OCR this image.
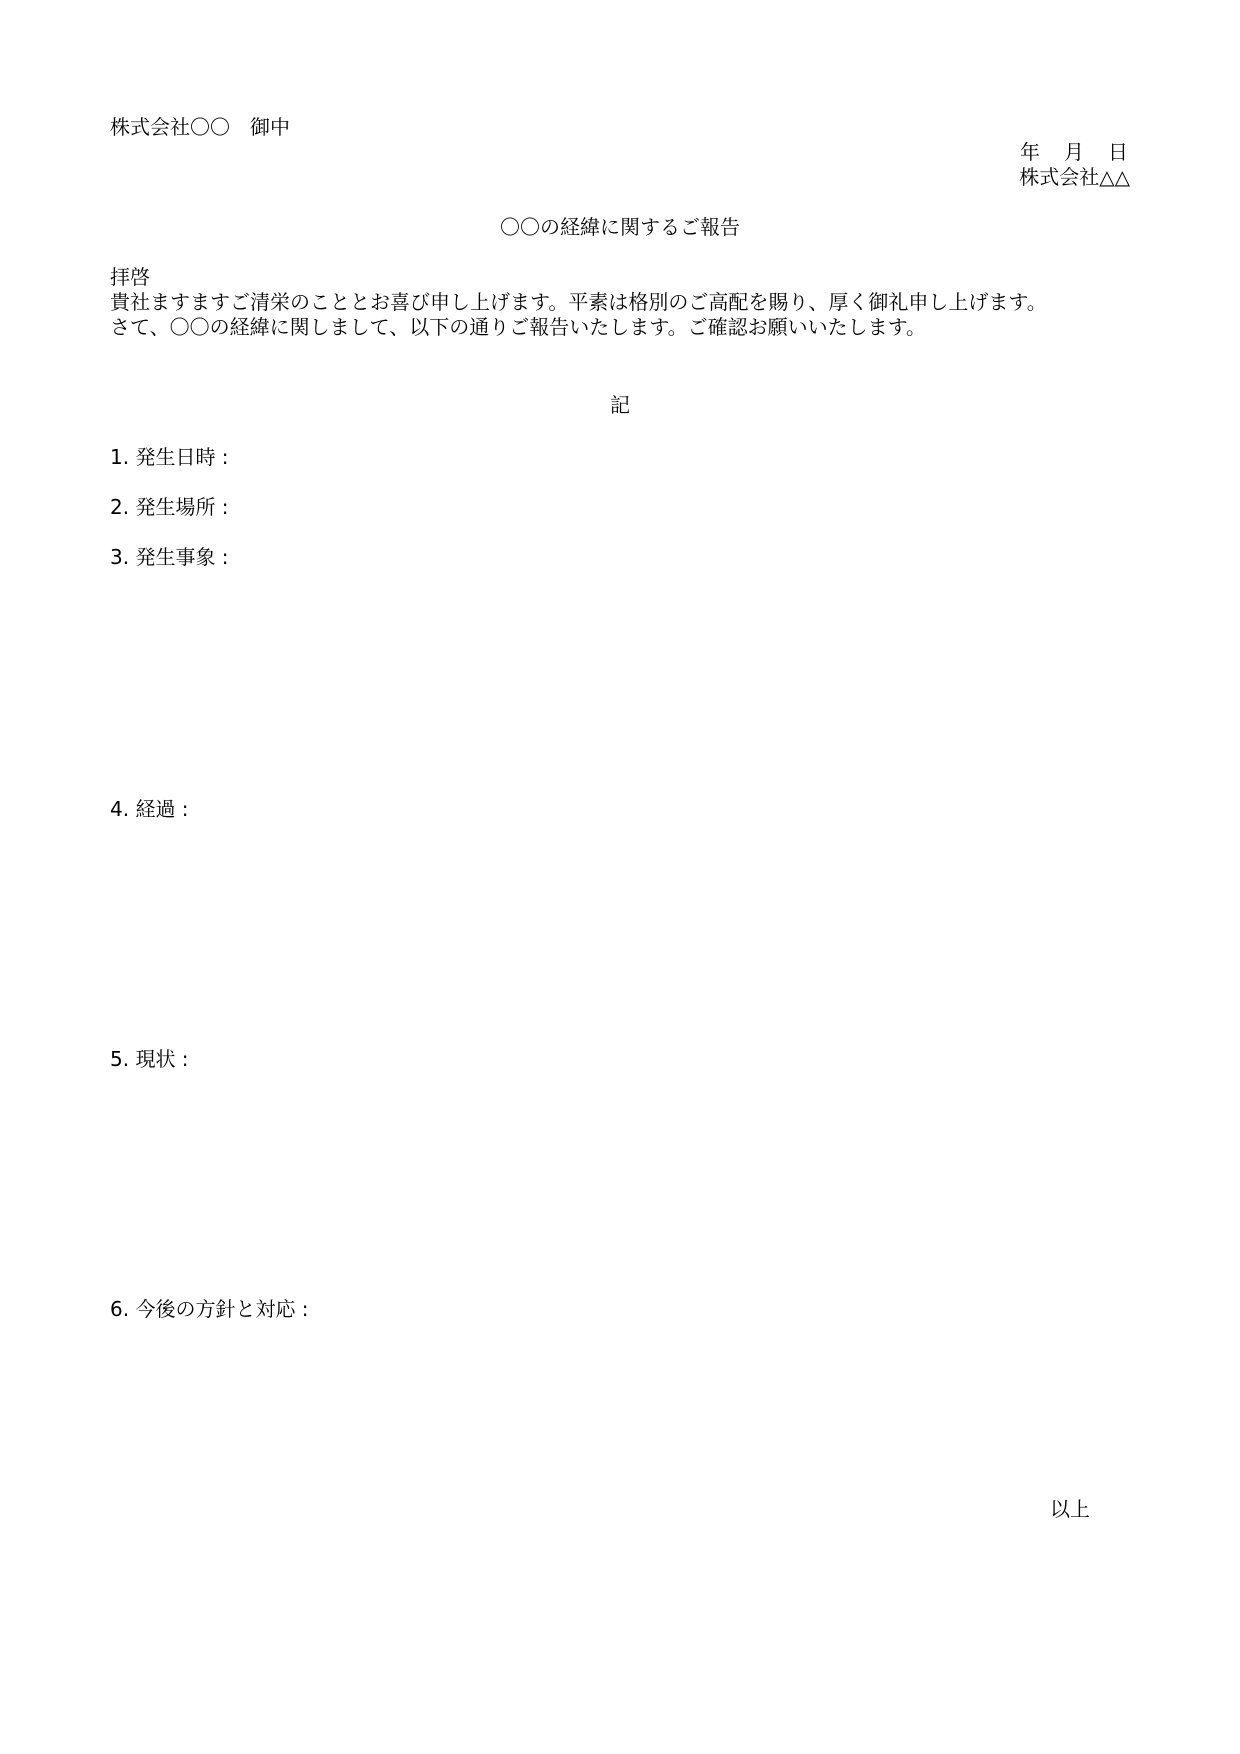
株式会社〇〇　御中
年　月　日
株式会社△△
〇〇の経緯に関するご報告
拝啓
貴社ますますご清栄のこととお喜び申し上げます。平素は格別のご高配を賜り、厚く御礼申し上げます。
さて、〇〇の経緯に関しまして、以下の通りご報告いたします。ご確認お願いいたします。
記
1. 発生日時 :
2. 発生場所 :
3. 発生事象 :
4. 経過 :
5. 現状 :
6. 今後の方針と対応 :
以上
